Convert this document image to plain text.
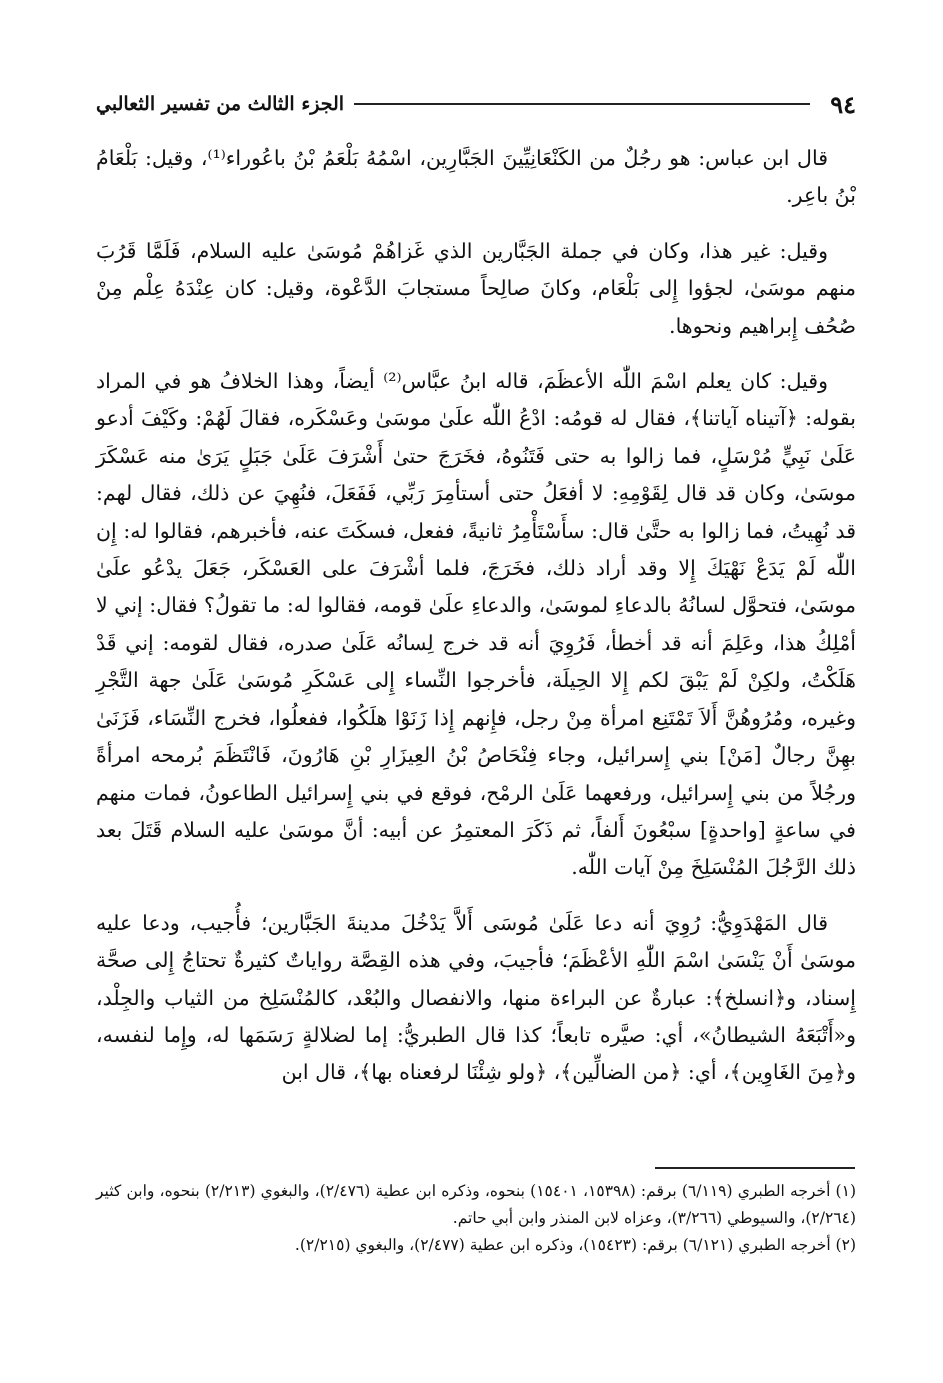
٩٤
الجزء الثالث من تفسير الثعالبي

قال ابن عباس: هو رجُلٌ من الكَنْعَانِيِّينَ الجَبَّارِين، اسْمُهُ بَلْعَمُ بْنُ باعُوراء⁽¹⁾، وقيل: بَلْعَامُ بْنُ باعِر.

وقيل: غير هذا، وكان في جملة الجَبَّارين الذي غَزاهُمْ مُوسَىٰ عليه السلام، فَلَمَّا قَرُبَ منهم موسَىٰ، لجؤوا إِلى بَلْعَام، وكانَ صالِحاً مستجابَ الدَّعْوة، وقيل: كان عِنْدَهُ عِلْم مِنْ صُحُف إِبراهيم ونحوها.

وقيل: كان يعلم اسْمَ اللّٰه الأعظَمَ، قاله ابنُ عبَّاس⁽²⁾ أيضاً، وهذا الخلافُ هو في المراد بقوله: ﴿آتيناه آياتنا﴾، فقال له قومُه: ادْعُ اللّٰه علَىٰ موسَىٰ وعَسْكَره، فقالَ لَهُمْ: وكَيْفَ أدعو عَلَىٰ نَبِيٍّ مُرْسَلٍ، فما زالوا به حتى فَتَنُوهُ، فخَرَجَ حتىٰ أَشْرَفَ عَلَىٰ جَبَلٍ يَرَىٰ منه عَسْكَرَ موسَىٰ، وكان قد قال لِقَوْمِهِ: لا أفعَلُ حتى أستأمِرَ رَبِّي، فَفَعَلَ، فنُهِيَ عن ذلك، فقال لهم: قد نُهِيتُ، فما زالوا به حتَّىٰ قال: سأَسْتَأْمِرُ ثانيةً، ففعل، فسكَتَ عنه، فأخبرهم، فقالوا له: إِن اللّٰه لَمْ يَدَعْ نَهْيَكَ إِلا وقد أراد ذلك، فخَرَجَ، فلما أشْرَفَ على العَسْكَر، جَعَلَ يدْعُو علَىٰ موسَىٰ، فتحوَّل لسانُهُ بالدعاءِ لموسَىٰ، والدعاءِ علَىٰ قومه، فقالوا له: ما تقولُ؟ فقال: إني لا أمْلِكُ هذا، وعَلِمَ أنه قد أخطأ، فَرُوِيَ أنه قد خرج لِسانُه عَلَىٰ صدره، فقال لقومه: إني قَدْ هَلَكْتُ، ولكِنْ لَمْ يَبْقَ لكم إِلا الحِيلَة، فأخرجوا النِّساء إِلى عَسْكَرِ مُوسَىٰ عَلَىٰ جهة التَّجْرِ وغيره، ومُرُوهُنَّ أَلاَ تَمْتَنِع امرأة مِنْ رجل، فإِنهم إِذا زَنَوْا هلَكُوا، ففعلُوا، فخرج النِّسَاء، فَزَنَىٰ بهِنَّ رجالٌ [مَنْ] بني إِسرائيل، وجاء فِنْحَاصُ بْنُ العِيزَارِ بْنِ هَارُونَ، فَانْتَظَمَ بُرمحه امرأةً ورجُلاً من بني إِسرائيل، ورفعهما عَلَىٰ الرمْح، فوقع في بني إِسرائيل الطاعونُ، فمات منهم في ساعةٍ [واحدةٍ] سبْعُونَ أَلفاً، ثم ذَكَرَ المعتمِرُ عن أبيه: أنَّ موسَىٰ عليه السلام قَتَلَ بعد ذلك الرَّجُلَ المُنْسَلِخَ مِنْ آيات اللّٰه.

قال المَهْدَوِيُّ: رُوِيَ أنه دعا عَلَىٰ مُوسَى أَلاَّ يَدْخُلَ مدينةَ الجَبَّارين؛ فأُجيب، ودعا عليه موسَىٰ أَنْ يَنْسَىٰ اسْمَ اللّٰهِ الأعْظَمَ؛ فأجيبَ، وفي هذه القِصَّة رواياتٌ كثيرةٌ تحتاجُ إِلى صحَّة إِسناد، و﴿انسلخ﴾: عبارةٌ عن البراءة منها، والانفصال والبُعْد، كالمُنْسَلِخ من الثياب والجِلْد، و«أَتْبَعَهُ الشيطانُ»، أي: صيَّره تابعاً؛ كذا قال الطبريُّ: إما لضلالةٍ رَسَمَها له، وإِما لنفسه، و﴿مِنَ الغَاوِين﴾، أي: ﴿من الضالِّين﴾، ﴿ولو شِئْنَا لرفعناه بها﴾، قال ابن

(١) أخرجه الطبري (٦/١١٩) برقم: (١٥٣٩٨، ١٥٤٠١) بنحوه، وذكره ابن عطية (٢/٤٧٦)، والبغوي (٢/٢١٣) بنحوه، وابن كثير (٢/٢٦٤)، والسيوطي (٣/٢٦٦)، وعزاه لابن المنذر وابن أبي حاتم.

(٢) أخرجه الطبري (٦/١٢١) برقم: (١٥٤٢٣)، وذكره ابن عطية (٢/٤٧٧)، والبغوي (٢/٢١٥).
